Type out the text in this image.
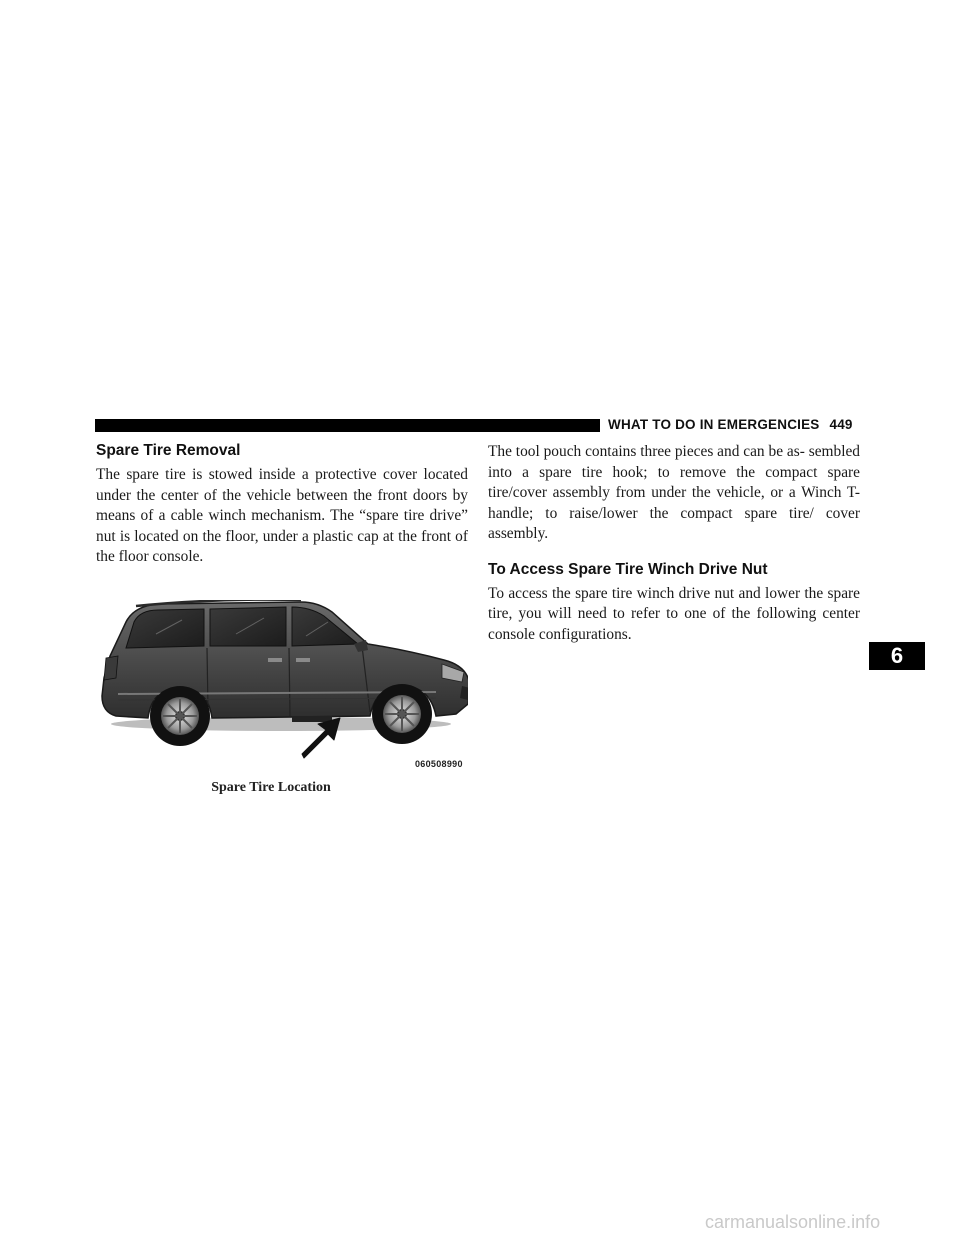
WHAT TO DO IN EMERGENCIES 449
Spare Tire Removal

The spare tire is stowed inside a protective cover located under the center of the vehicle between the front doors by means of a cable winch mechanism. The “spare tire drive” nut is located on the floor, under a plastic cap at the front of the floor console.

060508990
Spare Tire Location

The tool pouch contains three pieces and can be as- sembled into a spare tire hook; to remove the compact spare tire/cover assembly from under the vehicle, or a Winch T-handle; to raise/lower the compact spare tire/ cover assembly.

To Access Spare Tire Winch Drive Nut

To access the spare tire winch drive nut and lower the spare tire, you will need to refer to one of the following center console configurations.

6
carmanualsonline.info
